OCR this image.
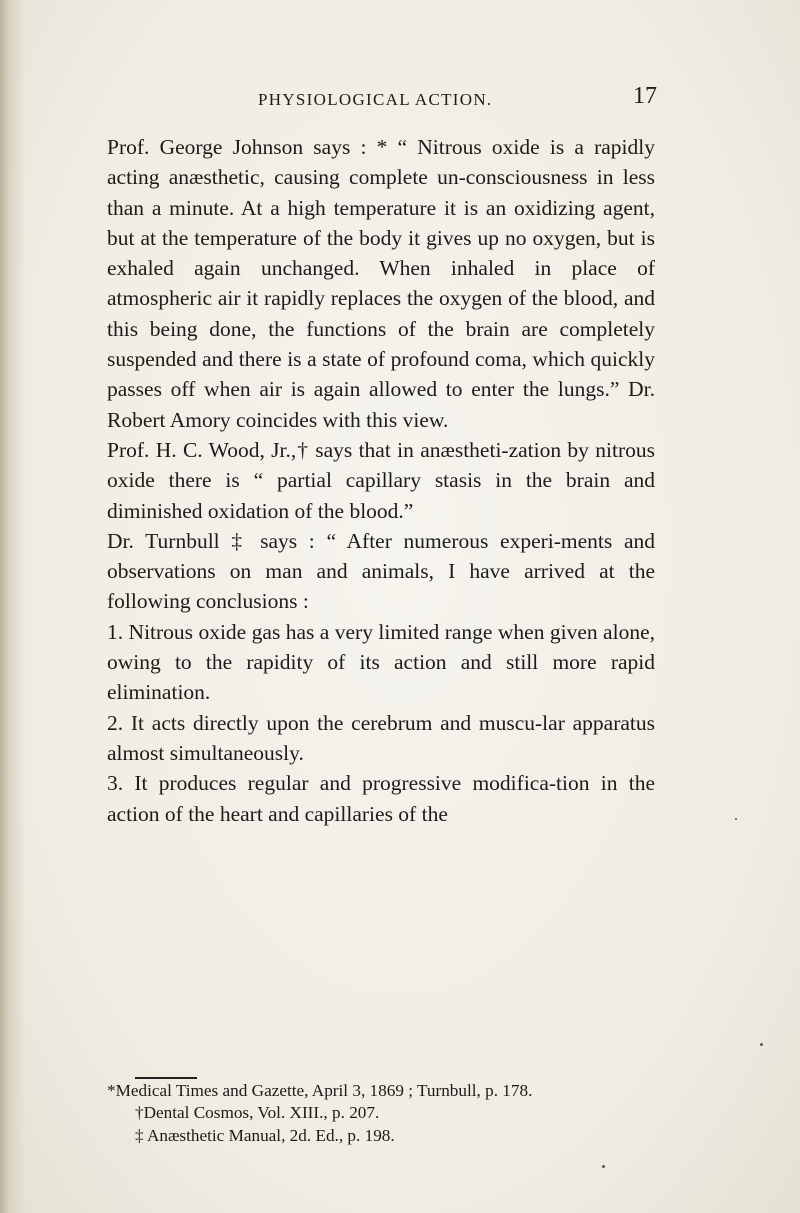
PHYSIOLOGICAL ACTION.	17

Prof. George Johnson says : * “ Nitrous oxide is a rapidly acting anæsthetic, causing complete un-consciousness in less than a minute. At a high temperature it is an oxidizing agent, but at the temperature of the body it gives up no oxygen, but is exhaled again unchanged. When inhaled in place of atmospheric air it rapidly replaces the oxygen of the blood, and this being done, the functions of the brain are completely suspended and there is a state of profound coma, which quickly passes off when air is again allowed to enter the lungs.” Dr. Robert Amory coincides with this view.

Prof. H. C. Wood, Jr.,† says that in anæstheti-zation by nitrous oxide there is “ partial capillary stasis in the brain and diminished oxidation of the blood.”

Dr. Turnbull ‡ says : “ After numerous experi-ments and observations on man and animals, I have arrived at the following conclusions :

1. Nitrous oxide gas has a very limited range when given alone, owing to the rapidity of its action and still more rapid elimination.

2. It acts directly upon the cerebrum and muscu-lar apparatus almost simultaneously.

3. It produces regular and progressive modifica-tion in the action of the heart and capillaries of the

*Medical Times and Gazette, April 3, 1869 ; Turnbull, p. 178.

†Dental Cosmos, Vol. XIII., p. 207.

‡ Anæsthetic Manual, 2d. Ed., p. 198.
